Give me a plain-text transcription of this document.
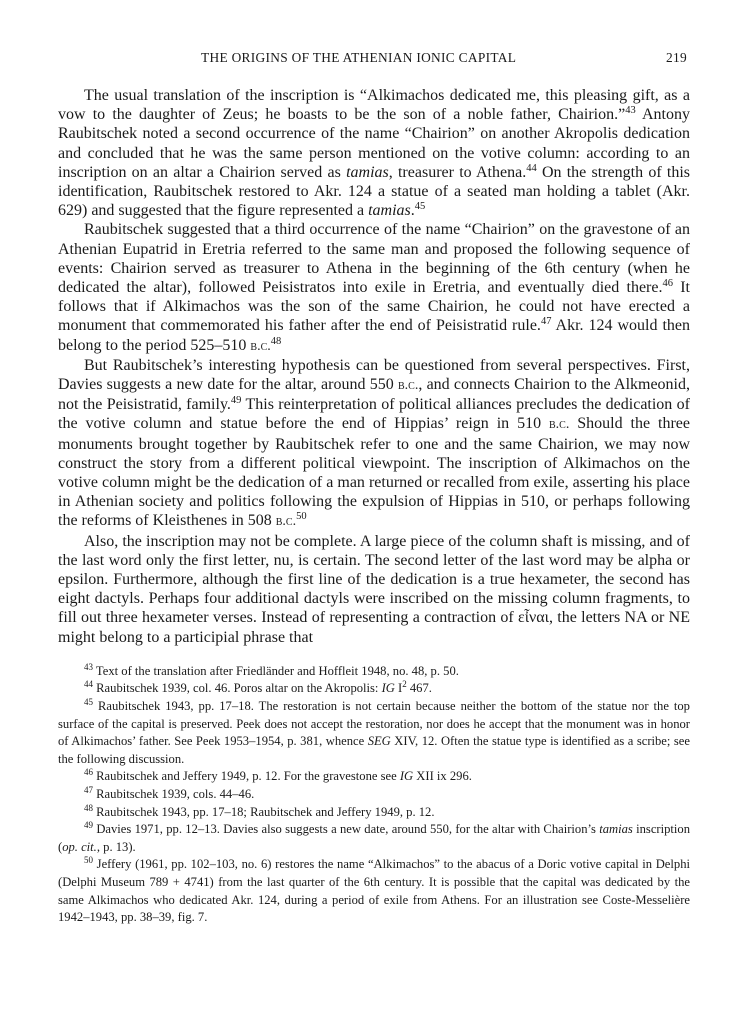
THE ORIGINS OF THE ATHENIAN IONIC CAPITAL	219

The usual translation of the inscription is “Alkimachos dedicated me, this pleasing gift, as a vow to the daughter of Zeus; he boasts to be the son of a noble father, Chairion.”$^{43}$ Antony Raubitschek noted a second occurrence of the name “Chairion” on another Akropolis dedication and concluded that he was the same person mentioned on the votive column: according to an inscription on an altar a Chairion served as tamias, treasurer to Athena.$^{44}$ On the strength of this identification, Raubitschek restored to Akr. 124 a statue of a seated man holding a tablet (Akr. 629) and suggested that the figure represented a tamias.$^{45}$

Raubitschek suggested that a third occurrence of the name “Chairion” on the gravestone of an Athenian Eupatrid in Eretria referred to the same man and proposed the following sequence of events: Chairion served as treasurer to Athena in the beginning of the 6th century (when he dedicated the altar), followed Peisistratos into exile in Eretria, and eventually died there.$^{46}$ It follows that if Alkimachos was the son of the same Chairion, he could not have erected a monument that commemorated his father after the end of Peisistratid rule.$^{47}$ Akr. 124 would then belong to the period 525–510 b.c.$^{48}$

But Raubitschek’s interesting hypothesis can be questioned from several perspectives. First, Davies suggests a new date for the altar, around 550 b.c., and connects Chairion to the Alkmeonid, not the Peisistratid, family.$^{49}$ This reinterpretation of political alliances precludes the dedication of the votive column and statue before the end of Hippias’ reign in 510 b.c. Should the three monuments brought together by Raubitschek refer to one and the same Chairion, we may now construct the story from a different political viewpoint. The inscription of Alkimachos on the votive column might be the dedication of a man returned or recalled from exile, asserting his place in Athenian society and politics following the expulsion of Hippias in 510, or perhaps following the reforms of Kleisthenes in 508 b.c.$^{50}$

Also, the inscription may not be complete. A large piece of the column shaft is missing, and of the last word only the first letter, nu, is certain. The second letter of the last word may be alpha or epsilon. Furthermore, although the first line of the dedication is a true hexameter, the second has eight dactyls. Perhaps four additional dactyls were inscribed on the missing column fragments, to fill out three hexameter verses. Instead of representing a contraction of εἶναι, the letters NA or NE might belong to a participial phrase that

$^{43}$ Text of the translation after Friedländer and Hoffleit 1948, no. 48, p. 50.

$^{44}$ Raubitschek 1939, col. 46. Poros altar on the Akropolis: IG $I^2$ 467.

$^{45}$ Raubitschek 1943, pp. 17–18. The restoration is not certain because neither the bottom of the statue nor the top surface of the capital is preserved. Peek does not accept the restoration, nor does he accept that the monument was in honor of Alkimachos’ father. See Peek 1953–1954, p. 381, whence SEG XIV, 12. Often the statue type is identified as a scribe; see the following discussion.

$^{46}$ Raubitschek and Jeffery 1949, p. 12. For the gravestone see IG XII ix 296.

$^{47}$ Raubitschek 1939, cols. 44–46.

$^{48}$ Raubitschek 1943, pp. 17–18; Raubitschek and Jeffery 1949, p. 12.

$^{49}$ Davies 1971, pp. 12–13. Davies also suggests a new date, around 550, for the altar with Chairion’s tamias inscription (op. cit., p. 13).

$^{50}$ Jeffery (1961, pp. 102–103, no. 6) restores the name “Alkimachos” to the abacus of a Doric votive capital in Delphi (Delphi Museum 789 + 4741) from the last quarter of the 6th century. It is possible that the capital was dedicated by the same Alkimachos who dedicated Akr. 124, during a period of exile from Athens. For an illustration see Coste-Messelière 1942–1943, pp. 38–39, fig. 7.
